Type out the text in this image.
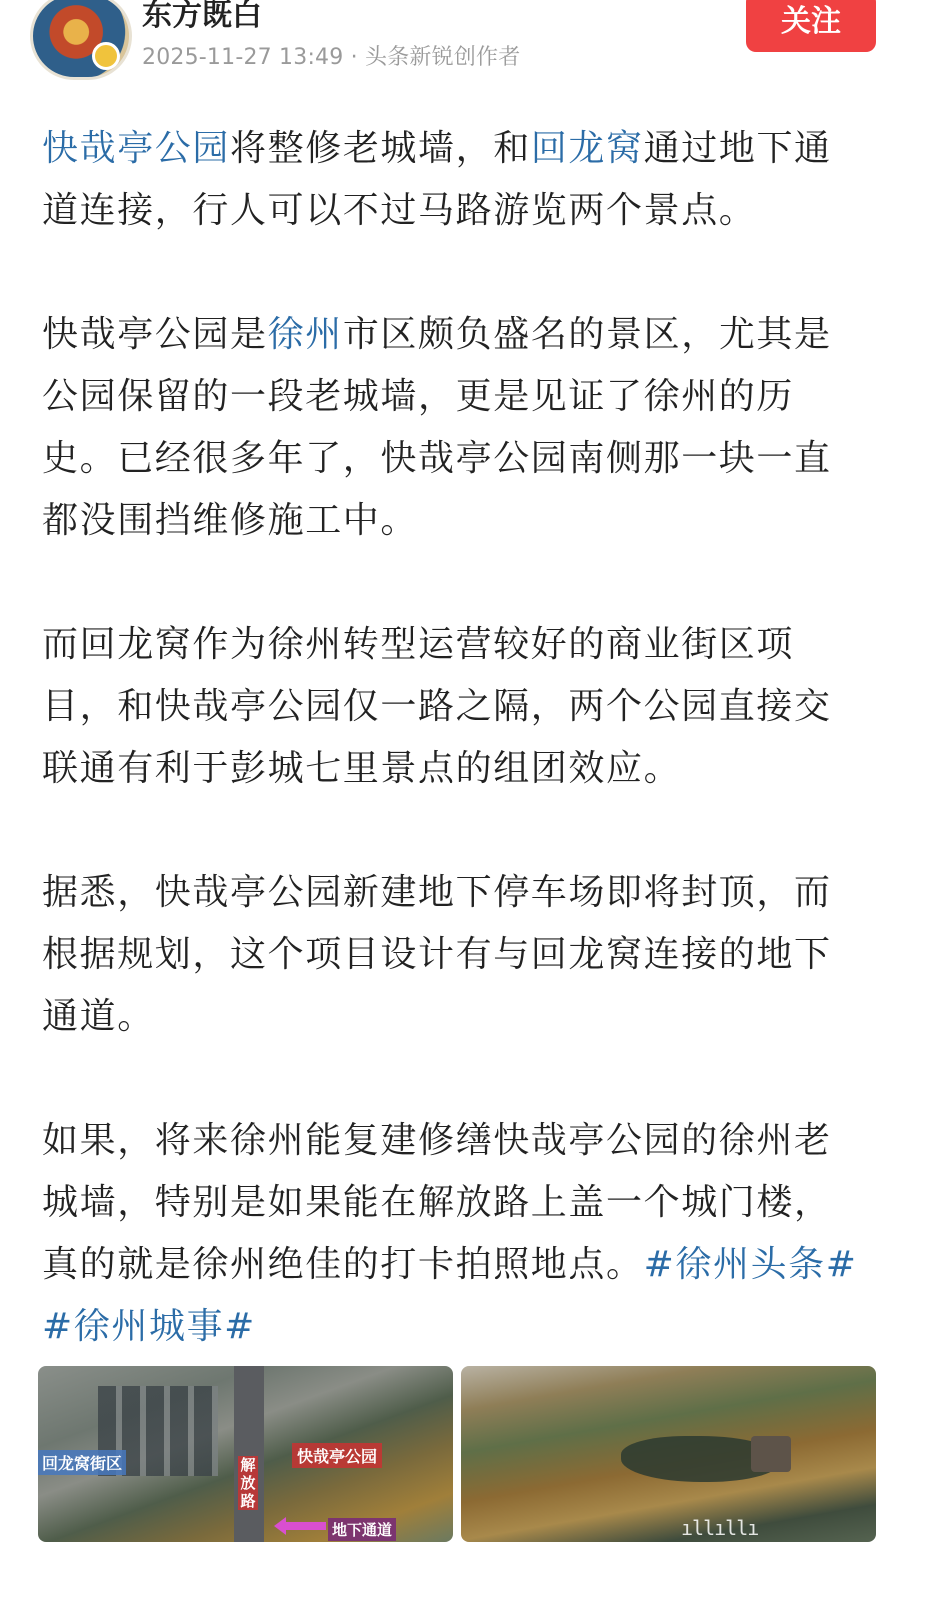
东方既白
2025-11-27 13:49 · 头条新锐创作者
关注

快哉亭公园将整修老城墙，和回龙窝通过地下通道连接，行人可以不过马路游览两个景点。

快哉亭公园是徐州市区颇负盛名的景区，尤其是公园保留的一段老城墙，更是见证了徐州的历史。已经很多年了，快哉亭公园南侧那一块一直都没围挡维修施工中。

而回龙窝作为徐州转型运营较好的商业街区项目，和快哉亭公园仅一路之隔，两个公园直接交联通有利于彭城七里景点的组团效应。

据悉，快哉亭公园新建地下停车场即将封顶，而根据规划，这个项目设计有与回龙窝连接的地下通道。

如果，将来徐州能复建修缮快哉亭公园的徐州老城墙，特别是如果能在解放路上盖一个城门楼，真的就是徐州绝佳的打卡拍照地点。#徐州头条# #徐州城事#

回龙窝街区	快哉亭公园
解放路
地下通道	ıllıllı
